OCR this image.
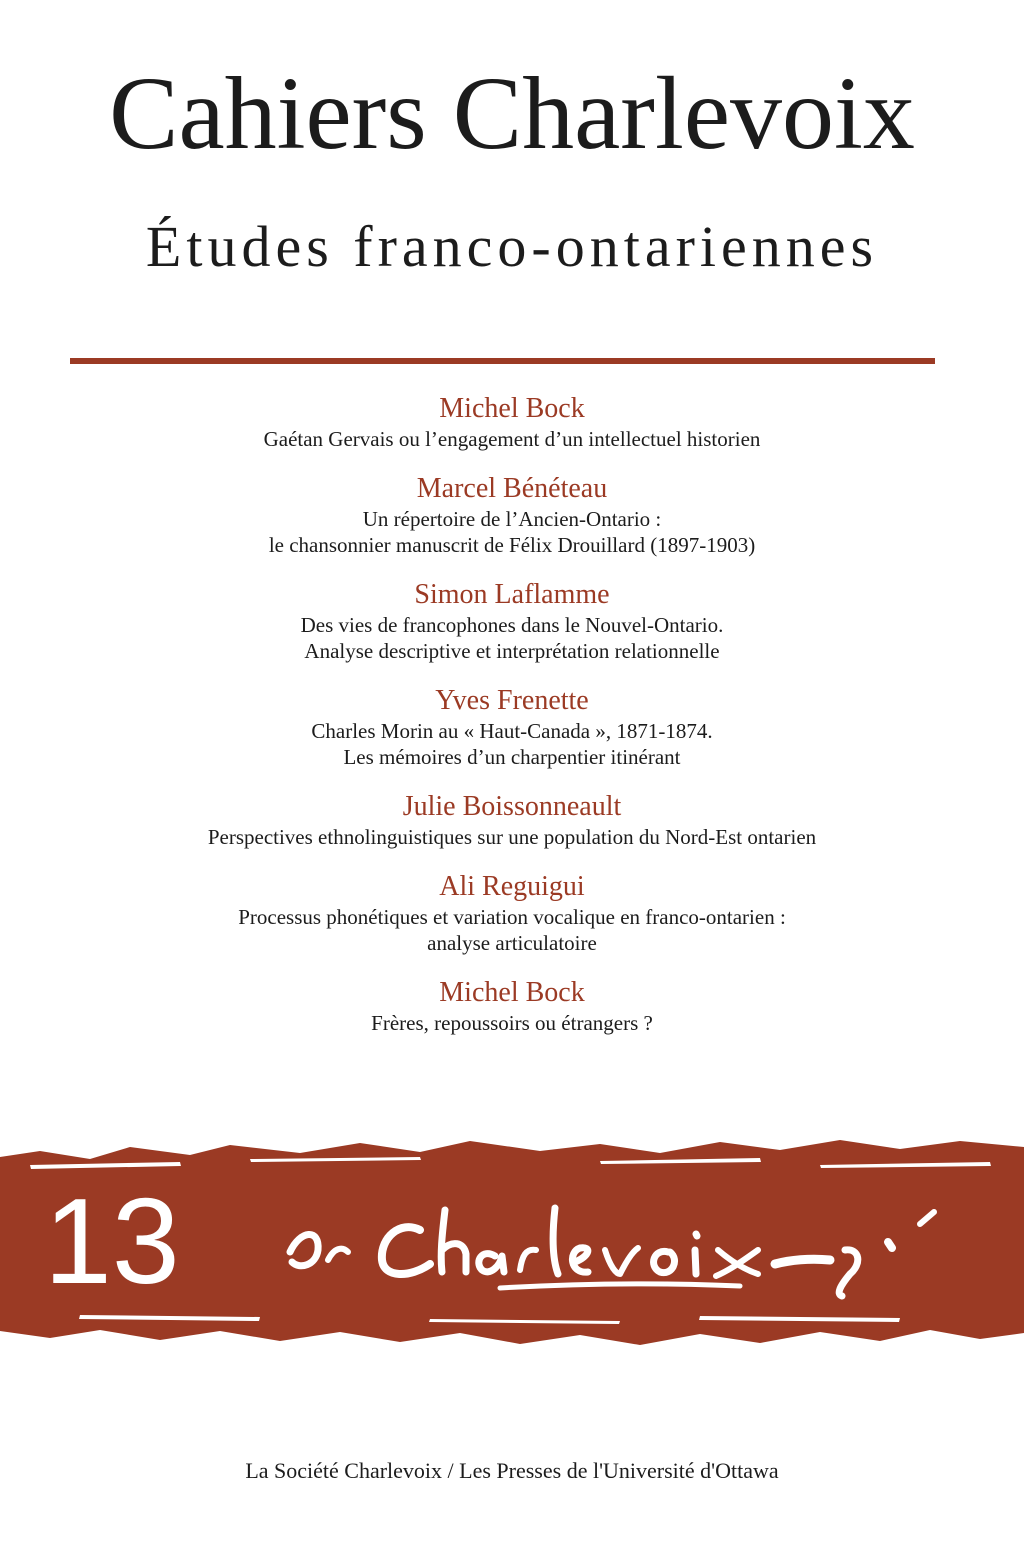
Cahiers Charlevoix
Études franco-ontariennes
Michel Bock
Gaétan Gervais ou l’engagement d’un intellectuel historien
Marcel Bénéteau
Un répertoire de l’Ancien-Ontario :
le chansonnier manuscrit de Félix Drouillard (1897-1903)
Simon Laflamme
Des vies de francophones dans le Nouvel-Ontario.
Analyse descriptive et interprétation relationnelle
Yves Frenette
Charles Morin au « Haut-Canada », 1871-1874.
Les mémoires d’un charpentier itinérant
Julie Boissonneault
Perspectives ethnolinguistiques sur une population du Nord-Est ontarien
Ali Reguigui
Processus phonétiques et variation vocalique en franco-ontarien :
analyse articulatoire
Michel Bock
Frères, repoussoirs ou étrangers ?
13
La Société Charlevoix / Les Presses de l'Université d'Ottawa
